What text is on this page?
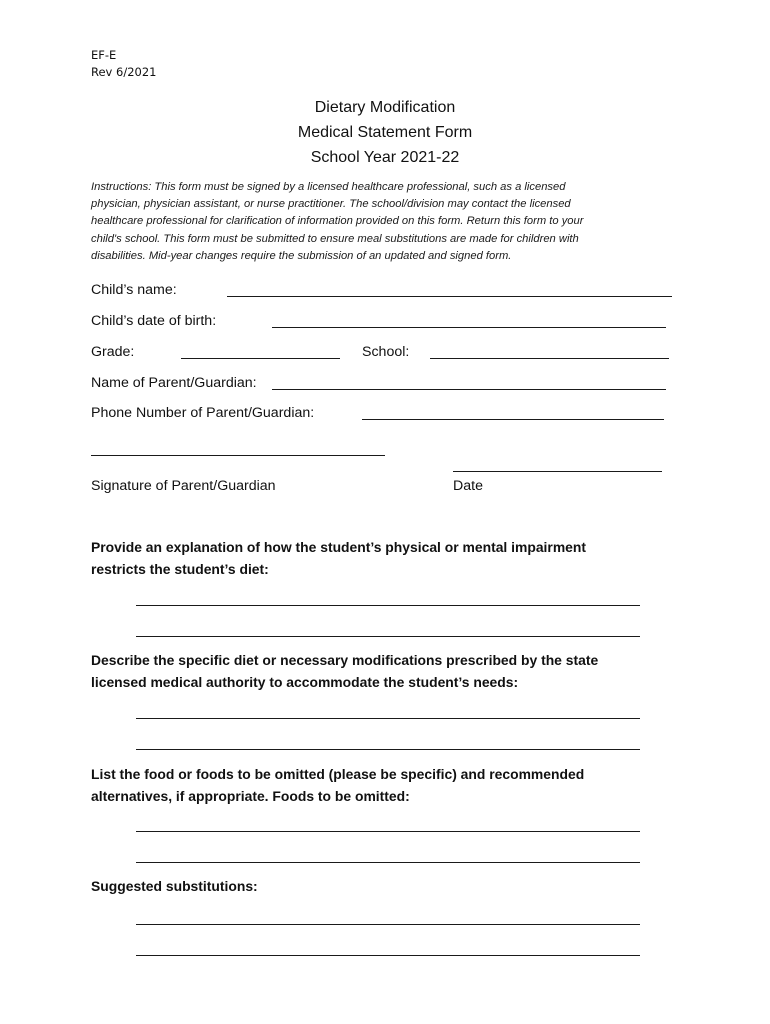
EF-E
Rev 6/2021
Dietary Modification
Medical Statement Form
School Year 2021-22
Instructions: This form must be signed by a licensed healthcare professional, such as a licensed
physician, physician assistant, or nurse practitioner. The school/division may contact the licensed
healthcare professional for clarification of information provided on this form. Return this form to your
child's school. This form must be submitted to ensure meal substitutions are made for children with
disabilities. Mid-year changes require the submission of an updated and signed form.
Child’s name:
Child’s date of birth:
Grade:	School:
Name of Parent/Guardian:
Phone Number of Parent/Guardian:
Signature of Parent/Guardian	Date
Provide an explanation of how the student’s physical or mental impairment
restricts the student’s diet:
Describe the specific diet or necessary modifications prescribed by the state
licensed medical authority to accommodate the student’s needs:
List the food or foods to be omitted (please be specific) and recommended
alternatives, if appropriate. Foods to be omitted:
Suggested substitutions:
